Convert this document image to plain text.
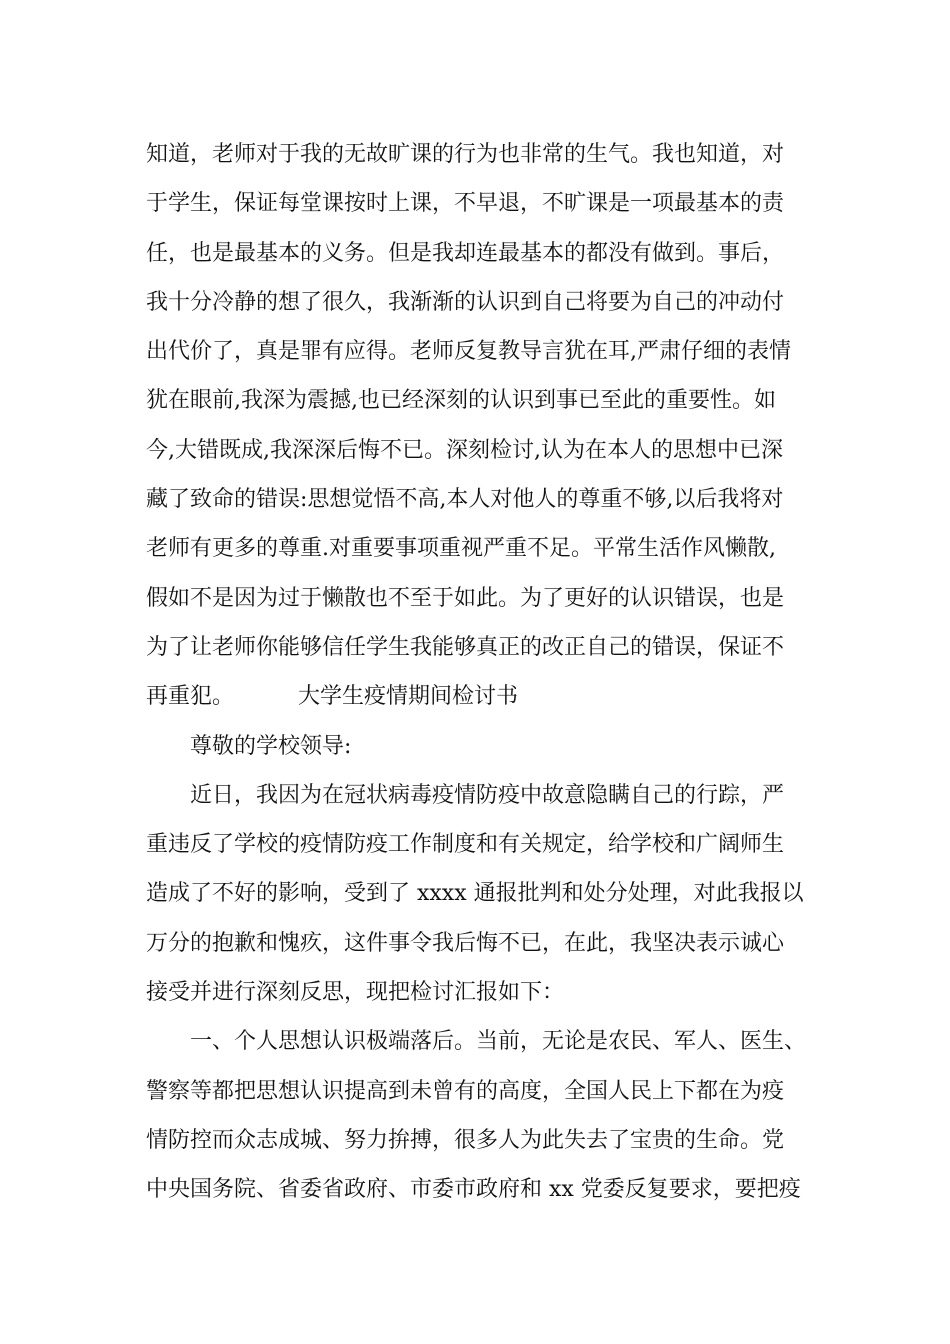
知道，老师对于我的无故旷课的行为也非常的生气。我也知道，对
于学生，保证每堂课按时上课，不早退，不旷课是一项最基本的责
任，也是最基本的义务。但是我却连最基本的都没有做到。事后，
我十分冷静的想了很久，我渐渐的认识到自己将要为自己的冲动付
出代价了，真是罪有应得。老师反复教导言犹在耳,严肃仔细的表情
犹在眼前,我深为震撼,也已经深刻的认识到事已至此的重要性。如
今,大错既成,我深深后悔不已。深刻检讨,认为在本人的思想中已深
藏了致命的错误:思想觉悟不高,本人对他人的尊重不够,以后我将对
老师有更多的尊重.对重要事项重视严重不足。平常生活作风懒散,
假如不是因为过于懒散也不至于如此。为了更好的认识错误，也是
为了让老师你能够信任学生我能够真正的改正自己的错误，保证不
再重犯。	大学生疫情期间检讨书
尊敬的学校领导:
近日，我因为在冠状病毒疫情防疫中故意隐瞒自己的行踪，严
重违反了学校的疫情防疫工作制度和有关规定，给学校和广阔师生
造成了不好的影响，受到了 xxxx 通报批判和处分处理，对此我报以
万分的抱歉和愧疚，这件事令我后悔不已，在此，我坚决表示诚心
接受并进行深刻反思，现把检讨汇报如下：
一、个人思想认识极端落后。当前，无论是农民、军人、医生、
警察等都把思想认识提高到未曾有的高度，全国人民上下都在为疫
情防控而众志成城、努力拚搏，很多人为此失去了宝贵的生命。党
中央国务院、省委省政府、市委市政府和 xx 党委反复要求，要把疫
